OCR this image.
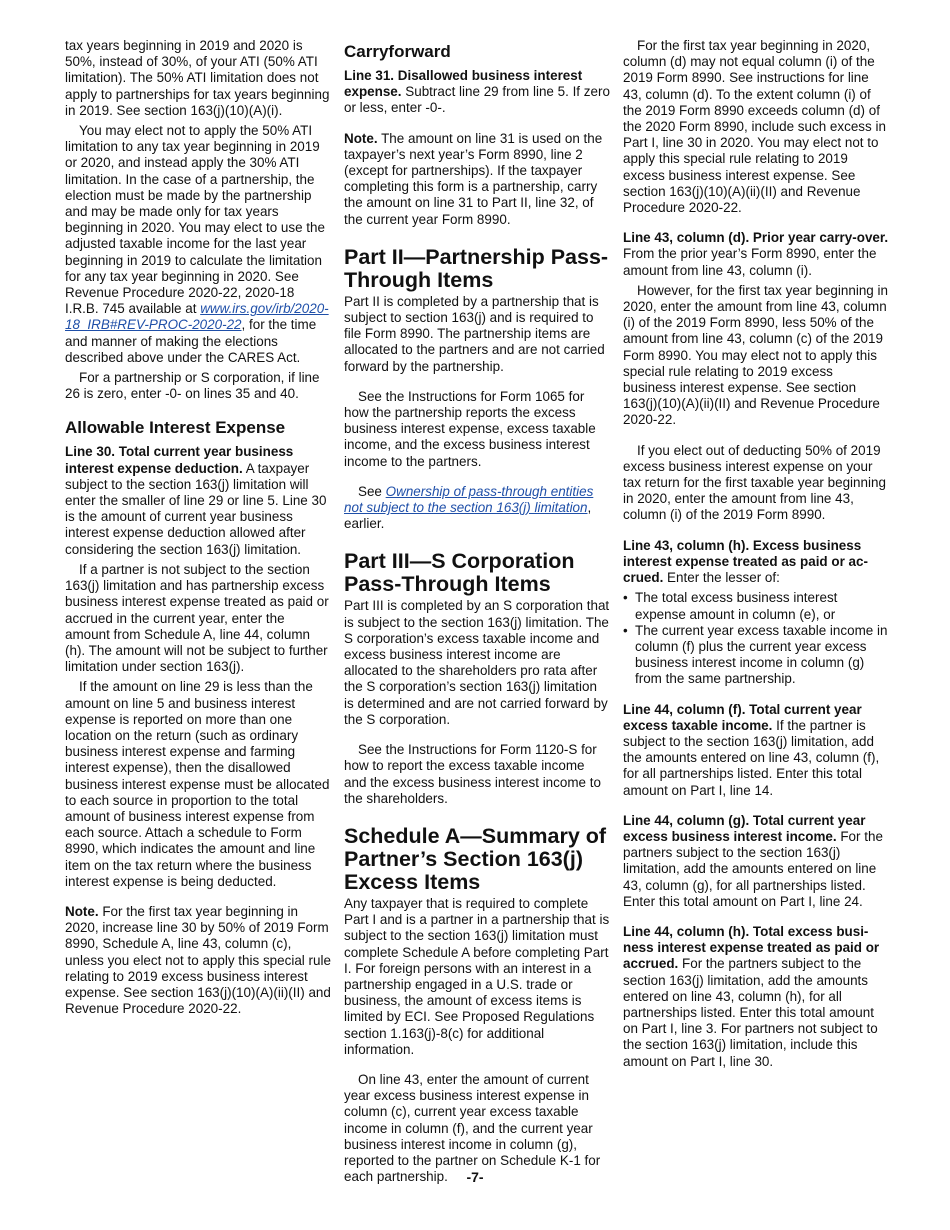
tax years beginning in 2019 and 2020 is 50%, instead of 30%, of your ATI (50% ATI limitation). The 50% ATI limitation does not apply to partnerships for tax years beginning in 2019. See section 163(j)(10)(A)(i).

You may elect not to apply the 50% ATI limitation to any tax year beginning in 2019 or 2020, and instead apply the 30% ATI limitation. In the case of a partnership, the election must be made by the partnership and may be made only for tax years beginning in 2020. You may elect to use the adjusted taxable income for the last year beginning in 2019 to calculate the limitation for any tax year beginning in 2020. See Revenue Procedure 2020-22, 2020-18 I.R.B. 745 available at www.irs.gov/irb/2020-18_IRB#REV-PROC-2020-22, for the time and manner of making the elections described above under the CARES Act.

For a partnership or S corporation, if line 26 is zero, enter -0- on lines 35 and 40.

Allowable Interest Expense

Line 30. Total current year business interest expense deduction. A taxpayer subject to the section 163(j) limitation will enter the smaller of line 29 or line 5. Line 30 is the amount of current year business interest expense deduction allowed after considering the section 163(j) limitation.

If a partner is not subject to the section 163(j) limitation and has partnership excess business interest expense treated as paid or accrued in the current year, enter the amount from Schedule A, line 44, column (h). The amount will not be subject to further limitation under section 163(j).

If the amount on line 29 is less than the amount on line 5 and business interest expense is reported on more than one location on the return (such as ordinary business interest expense and farming interest expense), then the disallowed business interest expense must be allocated to each source in proportion to the total amount of business interest expense from each source. Attach a schedule to Form 8990, which indicates the amount and line item on the tax return where the business interest expense is being deducted.

Note. For the first tax year beginning in 2020, increase line 30 by 50% of 2019 Form 8990, Schedule A, line 43, column (c), unless you elect not to apply this special rule relating to 2019 excess business interest expense. See section 163(j)(10)(A)(ii)(II) and Revenue Procedure 2020-22.

Carryforward

Line 31. Disallowed business interest expense. Subtract line 29 from line 5. If zero or less, enter -0-.

Note. The amount on line 31 is used on the taxpayer’s next year’s Form 8990, line 2 (except for partnerships). If the taxpayer completing this form is a partnership, carry the amount on line 31 to Part II, line 32, of the current year Form 8990.

Part II—Partnership Pass-Through Items

Part II is completed by a partnership that is subject to section 163(j) and is required to file Form 8990. The partnership items are allocated to the partners and are not carried forward by the partnership.

See the Instructions for Form 1065 for how the partnership reports the excess business interest expense, excess taxable income, and the excess business interest income to the partners.

See Ownership of pass-through entities not subject to the section 163(j) limitation, earlier.

Part III—S Corporation Pass-Through Items

Part III is completed by an S corporation that is subject to the section 163(j) limitation. The S corporation’s excess taxable income and excess business interest income are allocated to the shareholders pro rata after the S corporation’s section 163(j) limitation is determined and are not carried forward by the S corporation.

See the Instructions for Form 1120-S for how to report the excess taxable income and the excess business interest income to the shareholders.

Schedule A—Summary of Partner’s Section 163(j) Excess Items

Any taxpayer that is required to complete Part I and is a partner in a partnership that is subject to the section 163(j) limitation must complete Schedule A before completing Part I. For foreign persons with an interest in a partnership engaged in a U.S. trade or business, the amount of excess items is limited by ECI. See Proposed Regulations section 1.163(j)-8(c) for additional information.

On line 43, enter the amount of current year excess business interest expense in column (c), current year excess taxable income in column (f), and the current year business interest income in column (g), reported to the partner on Schedule K-1 for each partnership.

For the first tax year beginning in 2020, column (d) may not equal column (i) of the 2019 Form 8990. See instructions for line 43, column (d). To the extent column (i) of the 2019 Form 8990 exceeds column (d) of the 2020 Form 8990, include such excess in Part I, line 30 in 2020. You may elect not to apply this special rule relating to 2019 excess business interest expense. See section 163(j)(10)(A)(ii)(II) and Revenue Procedure 2020-22.

Line 43, column (d). Prior year carry-over. From the prior year’s Form 8990, enter the amount from line 43, column (i).

However, for the first tax year beginning in 2020, enter the amount from line 43, column (i) of the 2019 Form 8990, less 50% of the amount from line 43, column (c) of the 2019 Form 8990. You may elect not to apply this special rule relating to 2019 excess business interest expense. See section 163(j)(10)(A)(ii)(II) and Revenue Procedure 2020-22.

If you elect out of deducting 50% of 2019 excess business interest expense on your tax return for the first taxable year beginning in 2020, enter the amount from line 43, column (i) of the 2019 Form 8990.

Line 43, column (h). Excess business interest expense treated as paid or ac-crued. Enter the lesser of:

• The total excess business interest expense amount in column (e), or
• The current year excess taxable income in column (f) plus the current year excess business interest income in column (g) from the same partnership.

Line 44, column (f). Total current year excess taxable income. If the partner is subject to the section 163(j) limitation, add the amounts entered on line 43, column (f), for all partnerships listed. Enter this total amount on Part I, line 14.

Line 44, column (g). Total current year excess business interest income. For the partners subject to the section 163(j) limitation, add the amounts entered on line 43, column (g), for all partnerships listed. Enter this total amount on Part I, line 24.

Line 44, column (h). Total excess busi-ness interest expense treated as paid or accrued. For the partners subject to the section 163(j) limitation, add the amounts entered on line 43, column (h), for all partnerships listed. Enter this total amount on Part I, line 3. For partners not subject to the section 163(j) limitation, include this amount on Part I, line 30.

-7-
